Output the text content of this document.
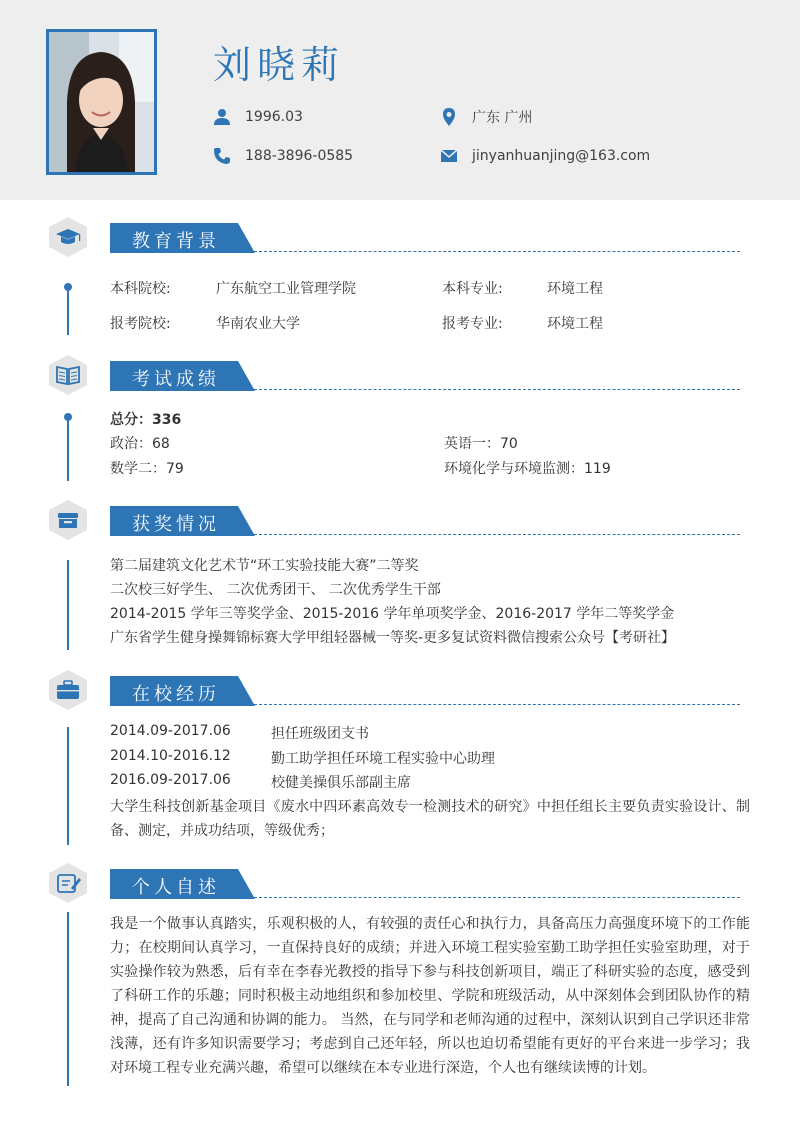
刘晓莉
1996.03	广东 广州
188-3896-0585	jinyanhuanjing@163.com
教育背景
本科院校:	广东航空工业管理学院	本科专业:	环境工程
报考院校:	华南农业大学	报考专业:	环境工程
考试成绩
总分：336
政治：68	英语一：70
数学二：79	环境化学与环境监测：119
获奖情况
第二届建筑文化艺术节“环工实验技能大赛”二等奖
二次校三好学生、 二次优秀团干、 二次优秀学生干部
2014-2015 学年三等奖学金、2015-2016 学年单项奖学金、2016-2017 学年二等奖学金
广东省学生健身操舞锦标赛大学甲组轻器械一等奖-更多复试资料微信搜索公众号【考研社】
在校经历
2014.09-2017.06	担任班级团支书
2014.10-2016.12	勤工助学担任环境工程实验中心助理
2016.09-2017.06	校健美操俱乐部副主席
大学生科技创新基金项目《废水中四环素高效专一检测技术的研究》中担任组长主要负责实验设计、制备、测定，并成功结项，等级优秀；
个人自述
我是一个做事认真踏实，乐观积极的人，有较强的责任心和执行力，具备高压力高强度环境下的工作能力；在校期间认真学习，一直保持良好的成绩；并进入环境工程实验室勤工助学担任实验室助理，对于实验操作较为熟悉，后有幸在李春光教授的指导下参与科技创新项目，端正了科研实验的态度，感受到了科研工作的乐趣；同时积极主动地组织和参加校里、学院和班级活动，从中深刻体会到团队协作的精神，提高了自己沟通和协调的能力。 当然，在与同学和老师沟通的过程中，深刻认识到自己学识还非常浅薄，还有许多知识需要学习；考虑到自己还年轻，所以也迫切希望能有更好的平台来进一步学习；我对环境工程专业充满兴趣，希望可以继续在本专业进行深造，个人也有继续读博的计划。
